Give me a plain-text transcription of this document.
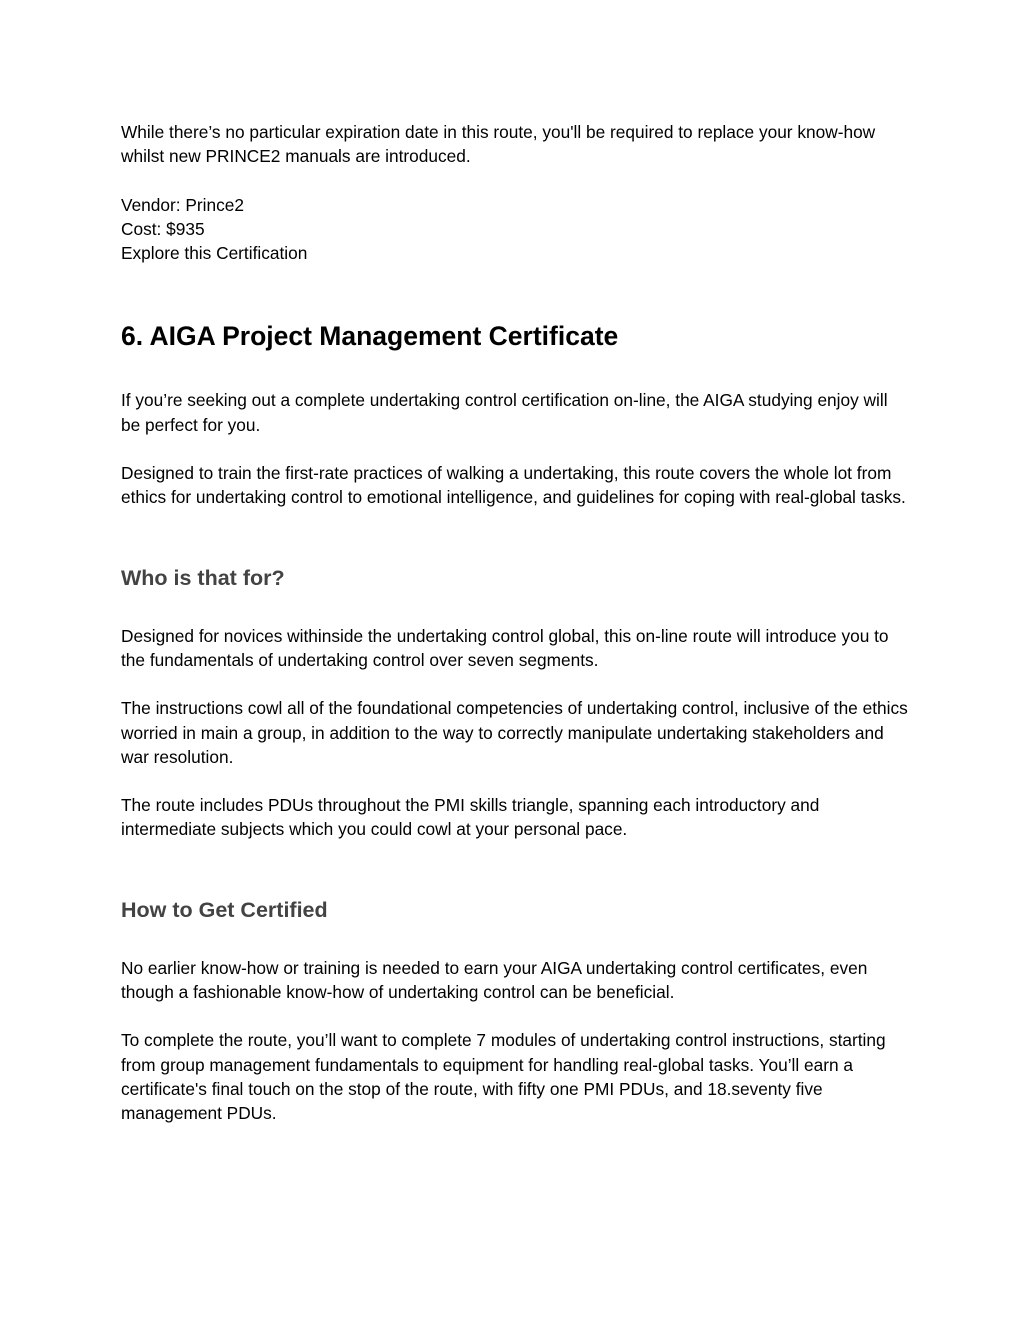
While there’s no particular expiration date in this route, you'll be required to replace your know-how whilst new PRINCE2 manuals are introduced.

Vendor: Prince2

Cost: $935

Explore this Certification

6. AIGA Project Management Certificate

If you’re seeking out a complete undertaking control certification on-line, the AIGA studying enjoy will be perfect for you.

Designed to train the first-rate practices of walking a undertaking, this route covers the whole lot from ethics for undertaking control to emotional intelligence, and guidelines for coping with real-global tasks.

Who is that for?

Designed for novices withinside the undertaking control global, this on-line route will introduce you to the fundamentals of undertaking control over seven segments.

The instructions cowl all of the foundational competencies of undertaking control, inclusive of the ethics worried in main a group, in addition to the way to correctly manipulate undertaking stakeholders and war resolution.

The route includes PDUs throughout the PMI skills triangle, spanning each introductory and intermediate subjects which you could cowl at your personal pace.

How to Get Certified

No earlier know-how or training is needed to earn your AIGA undertaking control certificates, even though a fashionable know-how of undertaking control can be beneficial.

To complete the route, you’ll want to complete 7 modules of undertaking control instructions, starting from group management fundamentals to equipment for handling real-global tasks. You’ll earn a certificate's final touch on the stop of the route, with fifty one PMI PDUs, and 18.seventy five management PDUs.
